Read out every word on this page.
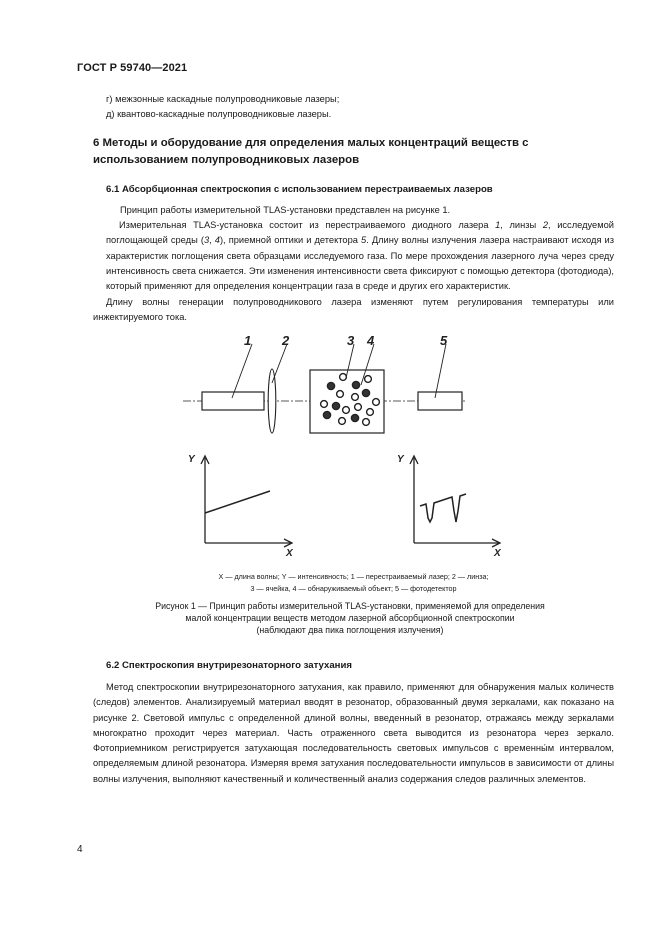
ГОСТ Р 59740—2021
г) межзонные каскадные полупроводниковые лазеры;
д) квантово-каскадные полупроводниковые лазеры.
6 Методы и оборудование для определения малых концентраций веществ с использованием полупроводниковых лазеров
6.1 Абсорбционная спектроскопия с использованием перестраиваемых лазеров
Принцип работы измерительной TLAS-установки представлен на рисунке 1.
Измерительная TLAS-установка состоит из перестраиваемого диодного лазера 1, линзы 2, исследуемой поглощающей среды (3, 4), приемной оптики и детектора 5. Длину волны излучения лазера настраивают исходя из характеристик поглощения света образцами исследуемого газа. По мере прохождения лазерного луча через среду интенсивность света снижается. Эти изменения интенсивности света фиксируют с помощью детектора (фотодиода), который применяют для определения концентрации газа в среде и других его характеристик.
Длину волны генерации полупроводникового лазера изменяют путем регулирования температуры или инжектируемого тока.
1 2	3 4	5
Y
X
Y
X
X — длина волны; Y — интенсивность; 1 — перестраиваемый лазер; 2 — линза;
3 — ячейка, 4 — обнаруживаемый объект; 5 — фотодетектор
Рисунок 1 — Принцип работы измерительной TLAS-установки, применяемой для определения
малой концентрации веществ методом лазерной абсорбционной спектроскопии
(наблюдают два пика поглощения излучения)
6.2 Спектроскопия внутрирезонаторного затухания
Метод спектроскопии внутрирезонаторного затухания, как правило, применяют для обнаружения малых количеств (следов) элементов. Анализируемый материал вводят в резонатор, образованный двумя зеркалами, как показано на рисунке 2. Световой импульс с определенной длиной волны, введенный в резонатор, отражаясь между зеркалами многократно проходит через материал. Часть отраженного света выводится из резонатора через зеркало. Фотоприемником регистрируется затухающая последовательность световых импульсов с временны́м интервалом, определяемым длиной резонатора. Измеряя время затухания последовательности импульсов в зависимости от длины волны излучения, выполняют качественный и количественный анализ содержания следов различных элементов.
4
